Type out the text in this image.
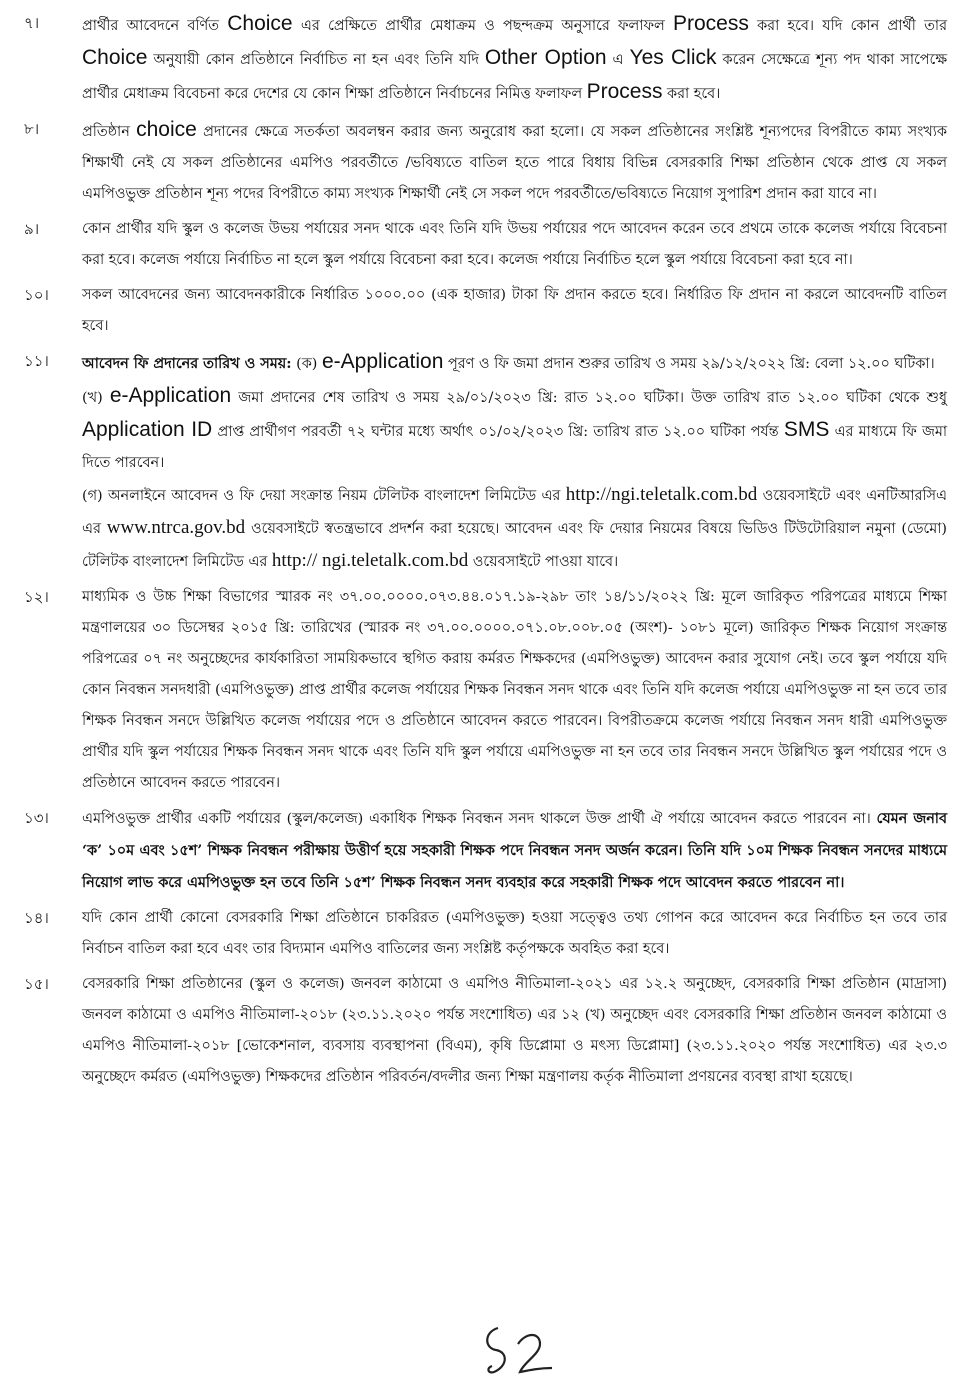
৭।	প্রার্থীর আবেদনে বর্ণিত Choice এর প্রেক্ষিতে প্রার্থীর মেধাক্রম ও পছন্দক্রম অনুসারে ফলাফল Process করা হবে। যদি কোন প্রার্থী তার Choice অনুযায়ী কোন প্রতিষ্ঠানে নির্বাচিত না হন এবং তিনি যদি Other Option এ Yes Click করেন সেক্ষেত্রে শূন্য পদ থাকা সাপেক্ষে প্রার্থীর মেধাক্রম বিবেচনা করে দেশের যে কোন শিক্ষা প্রতিষ্ঠানে নির্বাচনের নিমিত্ত ফলাফল Process করা হবে।
৮।	প্রতিষ্ঠান choice প্রদানের ক্ষেত্রে সতর্কতা অবলম্বন করার জন্য অনুরোধ করা হলো। যে সকল প্রতিষ্ঠানের সংশ্লিষ্ট শূন্যপদের বিপরীতে কাম্য সংখ্যক শিক্ষার্থী নেই যে সকল প্রতিষ্ঠানের এমপিও পরবর্তীতে /ভবিষ্যতে বাতিল হতে পারে বিধায় বিভিন্ন বেসরকারি শিক্ষা প্রতিষ্ঠান থেকে প্রাপ্ত যে সকল এমপিওভুক্ত প্রতিষ্ঠান শূন্য পদের বিপরীতে কাম্য সংখ্যক শিক্ষার্থী নেই সে সকল পদে পরবর্তীতে/ভবিষ্যতে নিয়োগ সুপারিশ প্রদান করা যাবে না।
৯।	কোন প্রার্থীর যদি স্কুল ও কলেজ উভয় পর্যায়ের সনদ থাকে এবং তিনি যদি উভয় পর্যায়ের পদে আবেদন করেন তবে প্রথমে তাকে কলেজ পর্যায়ে বিবেচনা করা হবে। কলেজ পর্যায়ে নির্বাচিত না হলে স্কুল পর্যায়ে বিবেচনা করা হবে। কলেজ পর্যায়ে নির্বাচিত হলে স্কুল পর্যায়ে বিবেচনা করা হবে না।
১০।	সকল আবেদনের জন্য আবেদনকারীকে নির্ধারিত ১০০০.০০ (এক হাজার) টাকা ফি প্রদান করতে হবে। নির্ধারিত ফি প্রদান না করলে আবেদনটি বাতিল হবে।
১১।	আবেদন ফি প্রদানের তারিখ ও সময়: (ক) e-Application পূরণ ও ফি জমা প্রদান শুরুর তারিখ ও সময় ২৯/১২/২০২২ খ্রি: বেলা ১২.০০ ঘটিকা।

(খ) e-Application জমা প্রদানের শেষ তারিখ ও সময় ২৯/০১/২০২৩ খ্রি: রাত ১২.০০ ঘটিকা। উক্ত তারিখ রাত ১২.০০ ঘটিকা থেকে শুধু Application ID প্রাপ্ত প্রার্থীগণ পরবর্তী ৭২ ঘন্টার মধ্যে অর্থাৎ ০১/০২/২০২৩ খ্রি: তারিখ রাত ১২.০০ ঘটিকা পর্যন্ত SMS এর মাধ্যমে ফি জমা দিতে পারবেন।

(গ) অনলাইনে আবেদন ও ফি দেয়া সংক্রান্ত নিয়ম টেলিটক বাংলাদেশ লিমিটেড এর http://ngi.teletalk.com.bd ওয়েবসাইটে এবং এনটিআরসিএ এর www.ntrca.gov.bd ওয়েবসাইটে স্বতন্ত্রভাবে প্রদর্শন করা হয়েছে। আবেদন এবং ফি দেয়ার নিয়মের বিষয়ে ভিডিও টিউটোরিয়াল নমুনা (ডেমো) টেলিটক বাংলাদেশ লিমিটেড এর http:// ngi.teletalk.com.bd ওয়েবসাইটে পাওয়া যাবে।

১২।	মাধ্যমিক ও উচ্চ শিক্ষা বিভাগের স্মারক নং ৩৭.০০.০০০০.০৭৩.৪৪.০১৭.১৯-২৯৮ তাং ১৪/১১/২০২২ খ্রি: মূলে জারিকৃত পরিপত্রের মাধ্যমে শিক্ষা মন্ত্রণালয়ের ৩০ ডিসেম্বর ২০১৫ খ্রি: তারিখের (স্মারক নং ৩৭.০০.০০০০.০৭১.০৮.০০৮.০৫ (অংশ)- ১০৮১ মূলে) জারিকৃত শিক্ষক নিয়োগ সংক্রান্ত পরিপত্রের ০৭ নং অনুচ্ছেদের কার্যকারিতা সাময়িকভাবে স্থগিত করায় কর্মরত শিক্ষকদের (এমপিওভুক্ত) আবেদন করার সুযোগ নেই। তবে স্কুল পর্যায়ে যদি কোন নিবন্ধন সনদধারী (এমপিওভুক্ত) প্রাপ্ত প্রার্থীর কলেজ পর্যায়ের শিক্ষক নিবন্ধন সনদ থাকে এবং তিনি যদি কলেজ পর্যায়ে এমপিওভুক্ত না হন তবে তার শিক্ষক নিবন্ধন সনদে উল্লিখিত কলেজ পর্যায়ের পদে ও প্রতিষ্ঠানে আবেদন করতে পারবেন। বিপরীতক্রমে কলেজ পর্যায়ে নিবন্ধন সনদ ধারী এমপিওভুক্ত প্রার্থীর যদি স্কুল পর্যায়ের শিক্ষক নিবন্ধন সনদ থাকে এবং তিনি যদি স্কুল পর্যায়ে এমপিওভুক্ত না হন তবে তার নিবন্ধন সনদে উল্লিখিত স্কুল পর্যায়ের পদে ও প্রতিষ্ঠানে আবেদন করতে পারবেন।
১৩।	এমপিওভুক্ত প্রার্থীর একটি পর্যায়ের (স্কুল/কলেজ) একাধিক শিক্ষক নিবন্ধন সনদ থাকলে উক্ত প্রার্থী ঐ পর্যায়ে আবেদন করতে পারবেন না। যেমন জনাব ‘ক’ ১০ম এবং ১৫শ’ শিক্ষক নিবন্ধন পরীক্ষায় উত্তীর্ণ হয়ে সহকারী শিক্ষক পদে নিবন্ধন সনদ অর্জন করেন। তিনি যদি ১০ম শিক্ষক নিবন্ধন সনদের মাধ্যমে নিয়োগ লাভ করে এমপিওভুক্ত হন তবে তিনি ১৫শ’ শিক্ষক নিবন্ধন সনদ ব্যবহার করে সহকারী শিক্ষক পদে আবেদন করতে পারবেন না।
১৪।	যদি কোন প্রার্থী কোনো বেসরকারি শিক্ষা প্রতিষ্ঠানে চাকরিরত (এমপিওভুক্ত) হওয়া সত্ত্বেও তথ্য গোপন করে আবেদন করে নির্বাচিত হন তবে তার নির্বাচন বাতিল করা হবে এবং তার বিদ্যমান এমপিও বাতিলের জন্য সংশ্লিষ্ট কর্তৃপক্ষকে অবহিত করা হবে।
১৫।	বেসরকারি শিক্ষা প্রতিষ্ঠানের (স্কুল ও কলেজ) জনবল কাঠামো ও এমপিও নীতিমালা-২০২১ এর ১২.২ অনুচ্ছেদ, বেসরকারি শিক্ষা প্রতিষ্ঠান (মাদ্রাসা) জনবল কাঠামো ও এমপিও নীতিমালা-২০১৮ (২৩.১১.২০২০ পর্যন্ত সংশোধিত) এর ১২ (খ) অনুচ্ছেদ এবং বেসরকারি শিক্ষা প্রতিষ্ঠান জনবল কাঠামো ও এমপিও নীতিমালা-২০১৮ [ভোকেশনাল, ব্যবসায় ব্যবস্থাপনা (বিএম), কৃষি ডিপ্লোমা ও মৎস্য ডিপ্লোমা] (২৩.১১.২০২০ পর্যন্ত সংশোধিত) এর ২৩.৩ অনুচ্ছেদে কর্মরত (এমপিওভুক্ত) শিক্ষকদের প্রতিষ্ঠান পরিবর্তন/বদলীর জন্য শিক্ষা মন্ত্রণালয় কর্তৃক নীতিমালা প্রণয়নের ব্যবস্থা রাখা হয়েছে।
